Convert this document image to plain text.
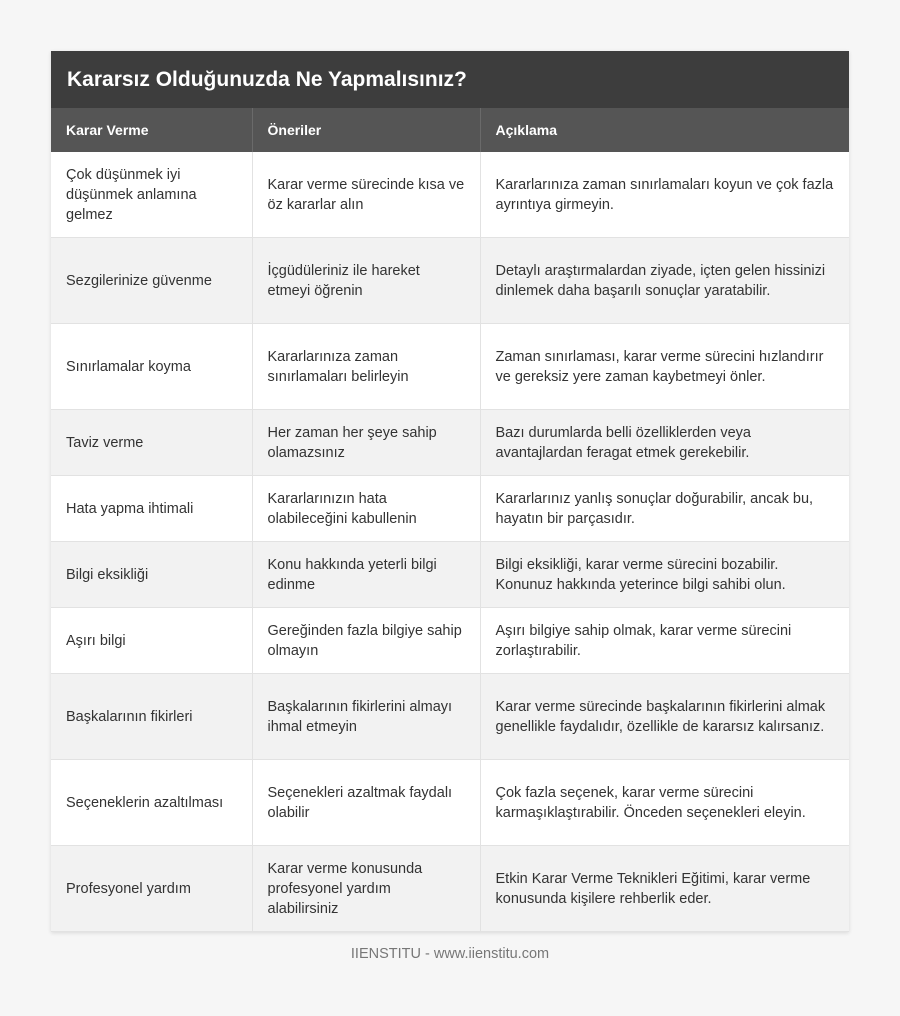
Kararsız Olduğunuzda Ne Yapmalısınız?
Karar Verme	Öneriler	Açıklama
Çok düşünmek iyi düşünmek anlamına gelmez	Karar verme sürecinde kısa ve öz kararlar alın	Kararlarınıza zaman sınırlamaları koyun ve çok fazla ayrıntıya girmeyin.
Sezgilerinize güvenme	İçgüdüleriniz ile hareket etmeyi öğrenin	Detaylı araştırmalardan ziyade, içten gelen hissinizi dinlemek daha başarılı sonuçlar yaratabilir.
Sınırlamalar koyma	Kararlarınıza zaman sınırlamaları belirleyin	Zaman sınırlaması, karar verme sürecini hızlandırır ve gereksiz yere zaman kaybetmeyi önler.
Taviz verme	Her zaman her şeye sahip olamazsınız	Bazı durumlarda belli özelliklerden veya avantajlardan feragat etmek gerekebilir.
Hata yapma ihtimali	Kararlarınızın hata olabileceğini kabullenin	Kararlarınız yanlış sonuçlar doğurabilir, ancak bu, hayatın bir parçasıdır.
Bilgi eksikliği	Konu hakkında yeterli bilgi edinme	Bilgi eksikliği, karar verme sürecini bozabilir. Konunuz hakkında yeterince bilgi sahibi olun.
Aşırı bilgi	Gereğinden fazla bilgiye sahip olmayın	Aşırı bilgiye sahip olmak, karar verme sürecini zorlaştırabilir.
Başkalarının fikirleri	Başkalarının fikirlerini almayı ihmal etmeyin	Karar verme sürecinde başkalarının fikirlerini almak genellikle faydalıdır, özellikle de kararsız kalırsanız.
Seçeneklerin azaltılması	Seçenekleri azaltmak faydalı olabilir	Çok fazla seçenek, karar verme sürecini karmaşıklaştırabilir. Önceden seçenekleri eleyin.
Profesyonel yardım	Karar verme konusunda profesyonel yardım alabilirsiniz	Etkin Karar Verme Teknikleri Eğitimi, karar verme konusunda kişilere rehberlik eder.
IIENSTITU - www.iienstitu.com
